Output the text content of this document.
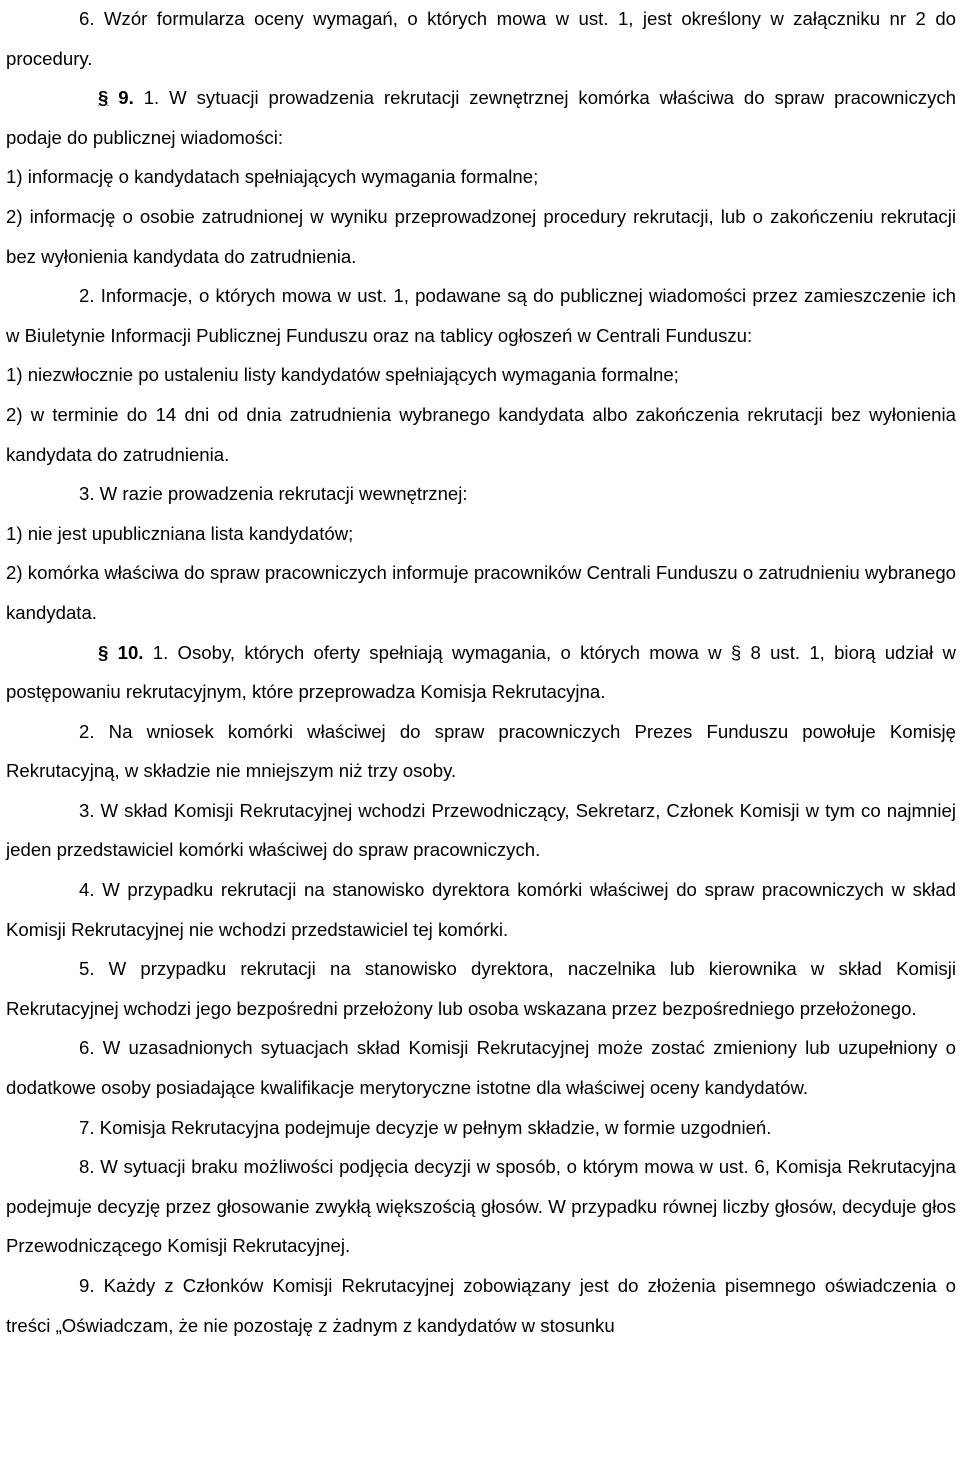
6. Wzór formularza oceny wymagań, o których mowa w ust. 1, jest określony w załączniku nr 2 do procedury.

§ 9. 1. W sytuacji prowadzenia rekrutacji zewnętrznej komórka właściwa do spraw pracowniczych podaje do publicznej wiadomości:

1) informację o kandydatach spełniających wymagania formalne;

2) informację o osobie zatrudnionej w wyniku przeprowadzonej procedury rekrutacji, lub o zakończeniu rekrutacji bez wyłonienia kandydata do zatrudnienia.

2. Informacje, o których mowa w ust. 1, podawane są do publicznej wiadomości przez zamieszczenie ich w Biuletynie Informacji Publicznej Funduszu oraz na tablicy ogłoszeń w Centrali Funduszu:

1) niezwłocznie po ustaleniu listy kandydatów spełniających wymagania formalne;

2) w terminie do 14 dni od dnia zatrudnienia wybranego kandydata albo zakończenia rekrutacji bez wyłonienia kandydata do zatrudnienia.

3. W razie prowadzenia rekrutacji wewnętrznej:

1) nie jest upubliczniana lista kandydatów;

2) komórka właściwa do spraw pracowniczych informuje pracowników Centrali Funduszu o zatrudnieniu wybranego kandydata.

§ 10. 1. Osoby, których oferty spełniają wymagania, o których mowa w § 8 ust. 1, biorą udział w postępowaniu rekrutacyjnym, które przeprowadza Komisja Rekrutacyjna.

2. Na wniosek komórki właściwej do spraw pracowniczych Prezes Funduszu powołuje Komisję Rekrutacyjną, w składzie nie mniejszym niż trzy osoby.

3. W skład Komisji Rekrutacyjnej wchodzi Przewodniczący, Sekretarz, Członek Komisji w tym co najmniej jeden przedstawiciel komórki właściwej do spraw pracowniczych.

4. W przypadku rekrutacji na stanowisko dyrektora komórki właściwej do spraw pracowniczych w skład Komisji Rekrutacyjnej nie wchodzi przedstawiciel tej komórki.

5. W przypadku rekrutacji na stanowisko dyrektora, naczelnika lub kierownika w skład Komisji Rekrutacyjnej wchodzi jego bezpośredni przełożony lub osoba wskazana przez bezpośredniego przełożonego.

6. W uzasadnionych sytuacjach skład Komisji Rekrutacyjnej może zostać zmieniony lub uzupełniony o dodatkowe osoby posiadające kwalifikacje merytoryczne istotne dla właściwej oceny kandydatów.

7. Komisja Rekrutacyjna podejmuje decyzje w pełnym składzie, w formie uzgodnień.

8. W sytuacji braku możliwości podjęcia decyzji w sposób, o którym mowa w ust. 6, Komisja Rekrutacyjna podejmuje decyzję przez głosowanie zwykłą większością głosów. W przypadku równej liczby głosów, decyduje głos Przewodniczącego Komisji Rekrutacyjnej.

9. Każdy z Członków Komisji Rekrutacyjnej zobowiązany jest do złożenia pisemnego oświadczenia o treści „Oświadczam, że nie pozostaję z żadnym z kandydatów w stosunku
